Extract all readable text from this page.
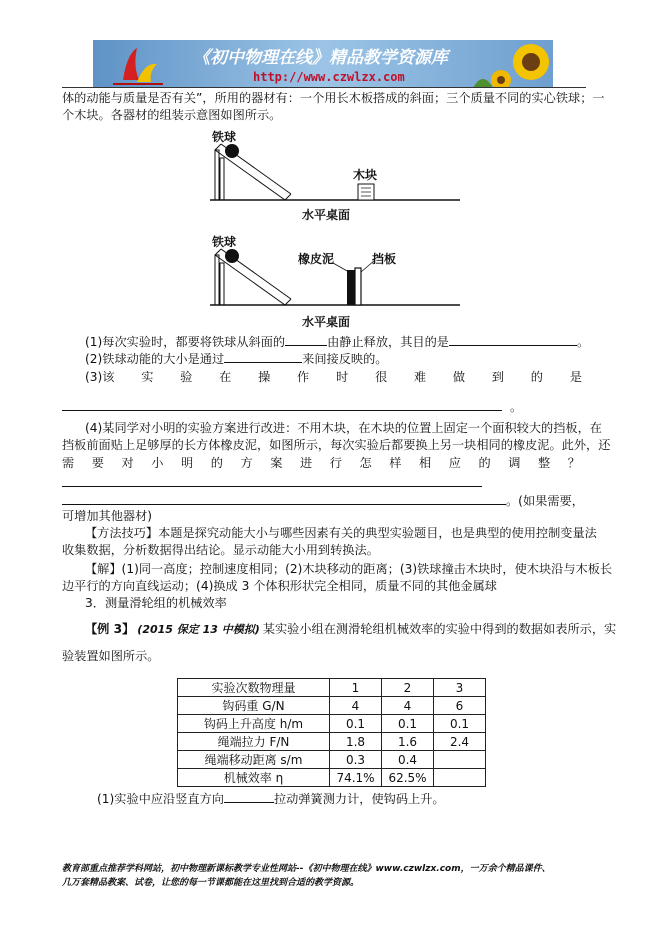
《初中物理在线》精品教学资源库
http://www.czwlzx.com
体的动能与质量是否有关”，所用的器材有：一个用长木板搭成的斜面；三个质量不同的实心铁球；一
个木块。各器材的组装示意图如图所示。
铁球
木块
水平桌面
铁球
橡皮泥	挡板
水平桌面
(1)每次实验时，都要将铁球从斜面的	由静止释放，其目的是	。
(2)铁球动能的大小是通过	来间接反映的。
(3)该 实 验 在 操 作 时 很 难 做 到 的 是
。
(4)某同学对小明的实验方案进行改进：不用木块，在木块的位置上固定一个面积较大的挡板，在
挡板前面贴上足够厚的长方体橡皮泥，如图所示，每次实验后都要换上另一块相同的橡皮泥。此外，还
需 要 对 小 明 的 方 案 进 行 怎 样 相 应 的 调 整 ？
。(如果需要，
可增加其他器材)
【方法技巧】本题是探究动能大小与哪些因素有关的典型实验题目，也是典型的使用控制变量法
收集数据，分析数据得出结论。显示动能大小用到转换法。
【解】(1)同一高度；控制速度相同；(2)木块移动的距离；(3)铁球撞击木块时，使木块沿与木板长
边平行的方向直线运动；(4)换成 3 个体积形状完全相同，质量不同的其他金属球
3．测量滑轮组的机械效率
【例 3】 (2015 保定 13 中模拟) 某实验小组在测滑轮组机械效率的实验中得到的数据如表所示，实
验装置如图所示。
实验次数物理量	1	2	3
钩码重 G/N	4	4	6
钩码上升高度 h/m	0.1	0.1	0.1
绳端拉力 F/N	1.8	1.6	2.4
绳端移动距离 s/m	0.3	0.4	
机械效率 η	74.1%	62.5%	
(1)实验中应沿竖直方向	拉动弹簧测力计，使钩码上升。
教育部重点推荐学科网站，初中物理新课标教学专业性网站--《初中物理在线》www.czwlzx.com，一万余个精品课件、
几万套精品教案、试卷，让您的每一节课都能在这里找到合适的教学资源。
